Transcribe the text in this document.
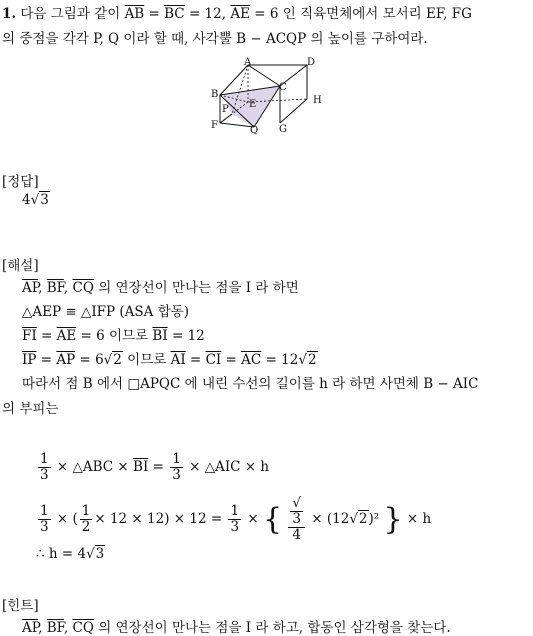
1. 다음 그림과 같이 $\overline{AB} = \overline{BC} = 12$, $\overline{AE} = 6$ 인 직육면체에서 모서리 EF, FG
의 중점을 각각 P, Q 이라 할 때, 사각뿔 B − ACQP 의 높이를 구하여라.
A	D
B
C
H
E
P
F	Q G
[정답]
4√3
[해설]
$\overline{AP}$, $\overline{BF}$, $\overline{CQ}$ 의 연장선이 만나는 점을 I 라 하면
△AEP ≡ △IFP (ASA 합동)
$\overline{FI} = \overline{AE} = 6$ 이므로 $\overline{BI} = 12$
$\overline{IP} = \overline{AP} = 6√2$ 이므로 $\overline{AI} = \overline{CI} = \overline{AC} = 12√2$
따라서 점 B 에서 □APQC 에 내린 수선의 길이를 h 라 하면 사면체 B − AIC
의 부피는
$\frac{1}{3}$ × △ABC × $\overline{BI} = \frac{1}{3}$ × △AIC × h
$\frac{1}{3}$ × ( $\frac{1}{2} \times 12 \times 12) \times 12 = \frac{1}{3}$ × { √
3
4 × (12√2)² } × h
∴ h = 4√3
[힌트]
$\overline{AP}$, $\overline{BF}$, $\overline{CQ}$ 의 연장선이 만나는 점을 I 라 하고, 합동인 삼각형을 찾는다.
